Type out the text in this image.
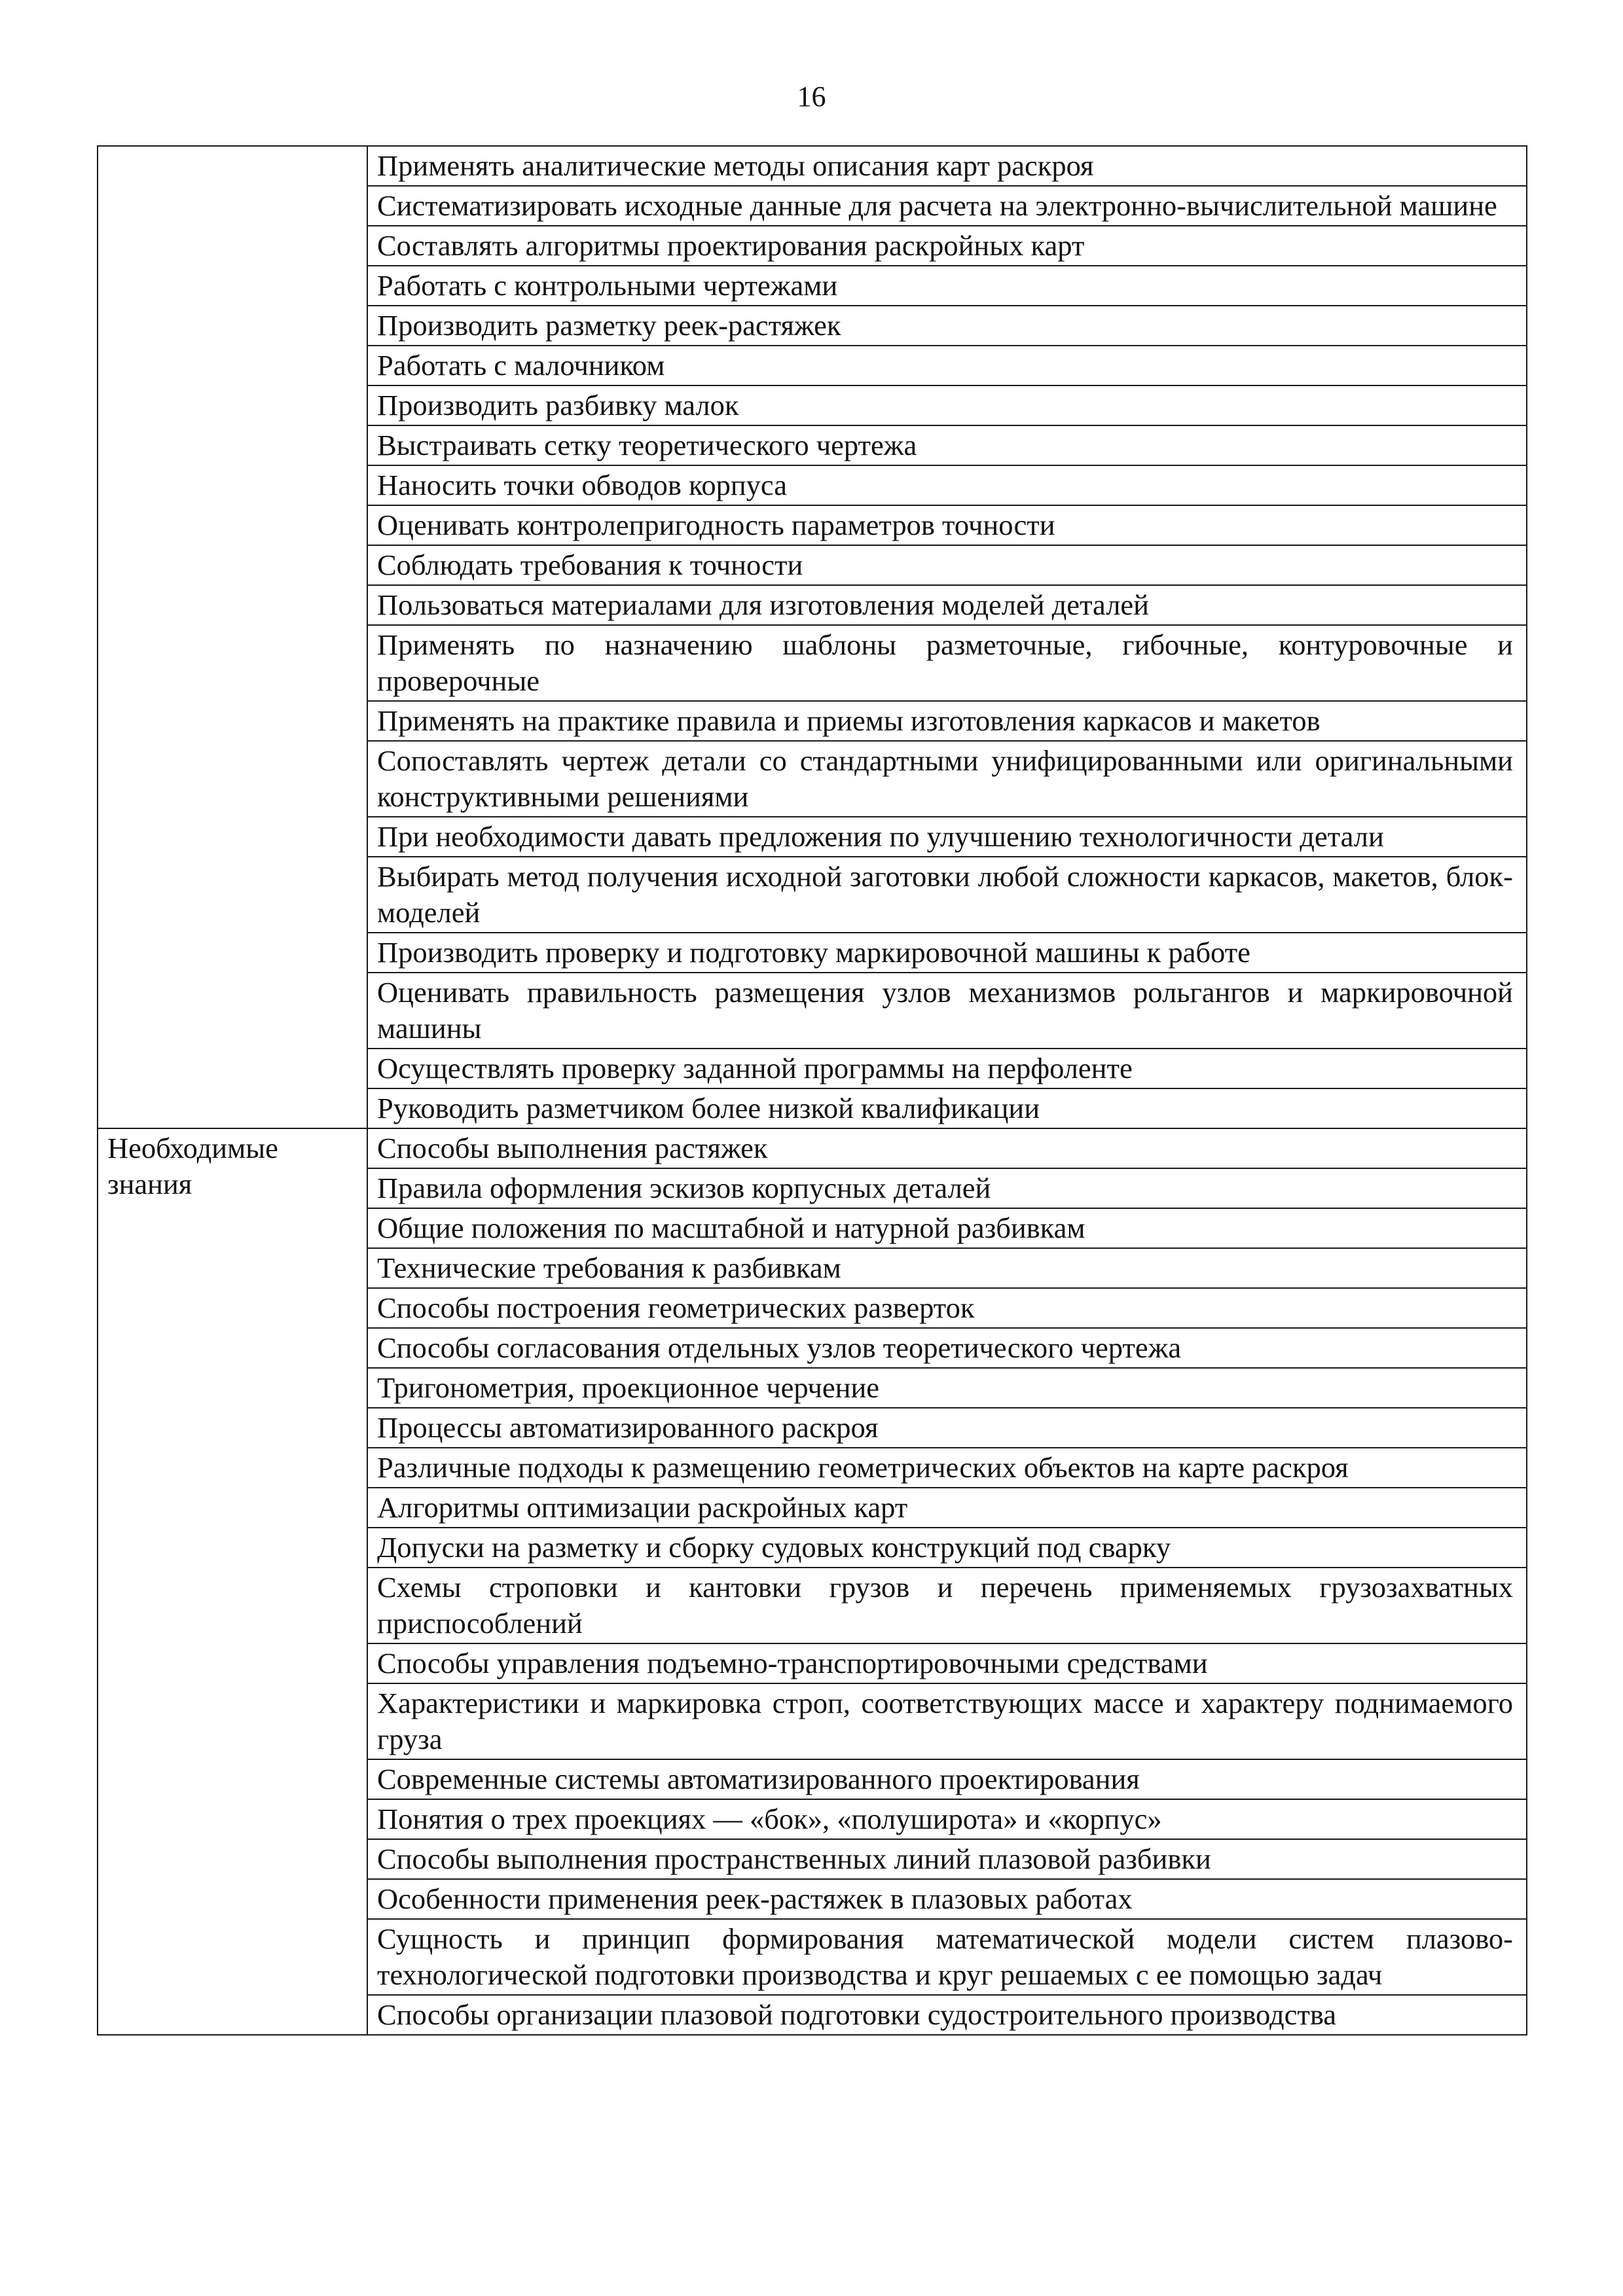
16
	Применять аналитические методы описания карт раскроя
	Систематизировать исходные данные для расчета на электронно-вычислительной машине
	Составлять алгоритмы проектирования раскройных карт
	Работать с контрольными чертежами
	Производить разметку реек-растяжек
	Работать с малочником
	Производить разбивку малок
	Выстраивать сетку теоретического чертежа
	Наносить точки обводов корпуса
	Оценивать контролепригодность параметров точности
	Соблюдать требования к точности
	Пользоваться материалами для изготовления моделей деталей
	Применять по назначению шаблоны разметочные, гибочные, контуровочные и проверочные
	Применять на практике правила и приемы изготовления каркасов и макетов
	Сопоставлять чертеж детали со стандартными унифицированными или оригинальными конструктивными решениями
	При необходимости давать предложения по улучшению технологичности детали
	Выбирать метод получения исходной заготовки любой сложности каркасов, макетов, блок-моделей
	Производить проверку и подготовку маркировочной машины к работе
	Оценивать правильность размещения узлов механизмов рольгангов и маркировочной машины
	Осуществлять проверку заданной программы на перфоленте
	Руководить разметчиком более низкой квалификации
Необходимые знания	Способы выполнения растяжек
	Правила оформления эскизов корпусных деталей
	Общие положения по масштабной и натурной разбивкам
	Технические требования к разбивкам
	Способы построения геометрических разверток
	Способы согласования отдельных узлов теоретического чертежа
	Тригонометрия, проекционное черчение
	Процессы автоматизированного раскроя
	Различные подходы к размещению геометрических объектов на карте раскроя
	Алгоритмы оптимизации раскройных карт
	Допуски на разметку и сборку судовых конструкций под сварку
	Схемы строповки и кантовки грузов и перечень применяемых грузозахватных приспособлений
	Способы управления подъемно-транспортировочными средствами
	Характеристики и маркировка строп, соответствующих массе и характеру поднимаемого груза
	Современные системы автоматизированного проектирования
	Понятия о трех проекциях — «бок», «полуширота» и «корпус»
	Способы выполнения пространственных линий плазовой разбивки
	Особенности применения реек-растяжек в плазовых работах
	Сущность и принцип формирования математической модели систем плазово-технологической подготовки производства и круг решаемых с ее помощью задач
	Способы организации плазовой подготовки судостроительного производства
